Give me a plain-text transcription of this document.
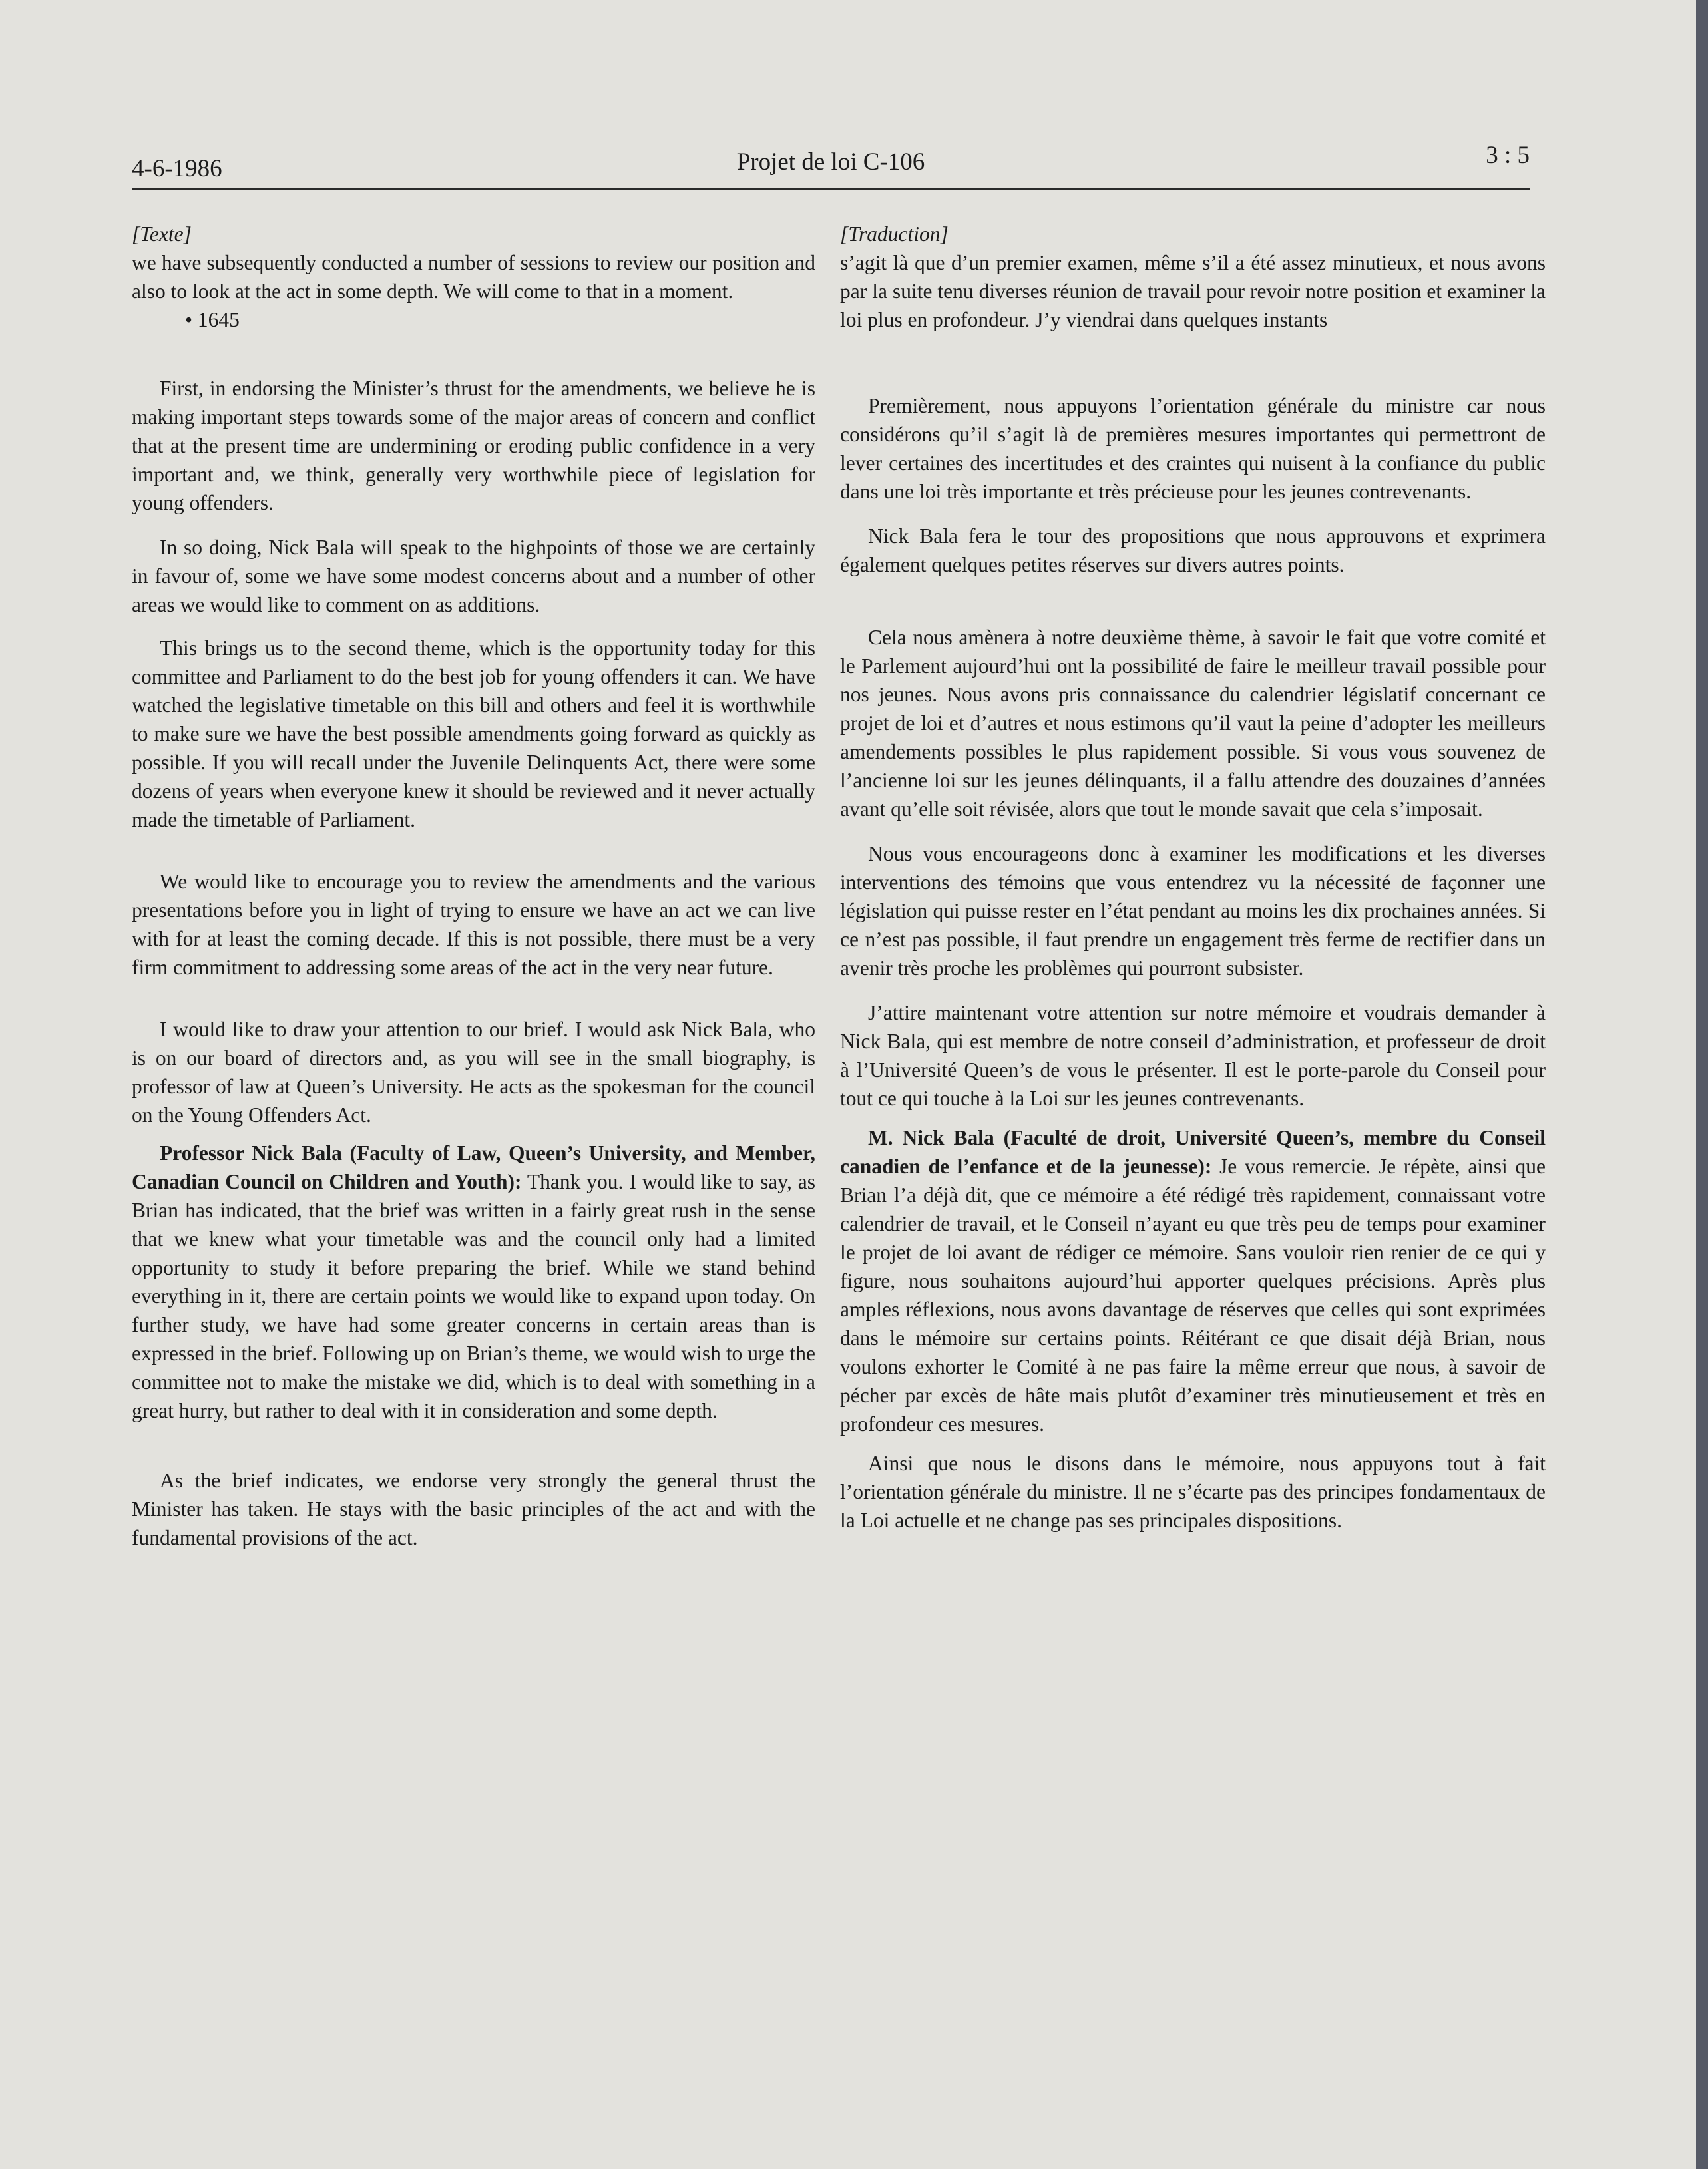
4-6-1986	Projet de loi C-106	3 : 5

[Texte]

we have subsequently conducted a number of sessions to review our position and also to look at the act in some depth. We will come to that in a moment.

• 1645

First, in endorsing the Minister’s thrust for the amendments, we believe he is making important steps towards some of the major areas of concern and conflict that at the present time are undermining or eroding public confidence in a very important and, we think, generally very worthwhile piece of legislation for young offenders.

In so doing, Nick Bala will speak to the highpoints of those we are certainly in favour of, some we have some modest concerns about and a number of other areas we would like to comment on as additions.

This brings us to the second theme, which is the opportunity today for this committee and Parliament to do the best job for young offenders it can. We have watched the legislative timetable on this bill and others and feel it is worthwhile to make sure we have the best possible amendments going forward as quickly as possible. If you will recall under the Juvenile Delinquents Act, there were some dozens of years when everyone knew it should be reviewed and it never actually made the timetable of Parliament.

We would like to encourage you to review the amendments and the various presentations before you in light of trying to ensure we have an act we can live with for at least the coming decade. If this is not possible, there must be a very firm commitment to addressing some areas of the act in the very near future.

I would like to draw your attention to our brief. I would ask Nick Bala, who is on our board of directors and, as you will see in the small biography, is professor of law at Queen’s University. He acts as the spokesman for the council on the Young Offenders Act.

Professor Nick Bala (Faculty of Law, Queen’s University, and Member, Canadian Council on Children and Youth): Thank you. I would like to say, as Brian has indicated, that the brief was written in a fairly great rush in the sense that we knew what your timetable was and the council only had a limited opportunity to study it before preparing the brief. While we stand behind everything in it, there are certain points we would like to expand upon today. On further study, we have had some greater concerns in certain areas than is expressed in the brief. Following up on Brian’s theme, we would wish to urge the committee not to make the mistake we did, which is to deal with something in a great hurry, but rather to deal with it in consideration and some depth.

As the brief indicates, we endorse very strongly the general thrust the Minister has taken. He stays with the basic principles of the act and with the fundamental provisions of the act.

[Traduction]

s’agit là que d’un premier examen, même s’il a été assez minutieux, et nous avons par la suite tenu diverses réunion de travail pour revoir notre position et examiner la loi plus en profondeur. J’y viendrai dans quelques instants

Premièrement, nous appuyons l’orientation générale du ministre car nous considérons qu’il s’agit là de premières mesures importantes qui permettront de lever certaines des incertitudes et des craintes qui nuisent à la confiance du public dans une loi très importante et très précieuse pour les jeunes contrevenants.

Nick Bala fera le tour des propositions que nous approuvons et exprimera également quelques petites réserves sur divers autres points.

Cela nous amènera à notre deuxième thème, à savoir le fait que votre comité et le Parlement aujourd’hui ont la possibilité de faire le meilleur travail possible pour nos jeunes. Nous avons pris connaissance du calendrier législatif concernant ce projet de loi et d’autres et nous estimons qu’il vaut la peine d’adopter les meilleurs amendements possibles le plus rapidement possible. Si vous vous souvenez de l’ancienne loi sur les jeunes délinquants, il a fallu attendre des douzaines d’années avant qu’elle soit révisée, alors que tout le monde savait que cela s’imposait.

Nous vous encourageons donc à examiner les modifications et les diverses interventions des témoins que vous entendrez vu la nécessité de façonner une législation qui puisse rester en l’état pendant au moins les dix prochaines années. Si ce n’est pas possible, il faut prendre un engagement très ferme de rectifier dans un avenir très proche les problèmes qui pourront subsister.

J’attire maintenant votre attention sur notre mémoire et voudrais demander à Nick Bala, qui est membre de notre conseil d’administration, et professeur de droit à l’Université Queen’s de vous le présenter. Il est le porte-parole du Conseil pour tout ce qui touche à la Loi sur les jeunes contrevenants.

M. Nick Bala (Faculté de droit, Université Queen’s, membre du Conseil canadien de l’enfance et de la jeunesse): Je vous remercie. Je répète, ainsi que Brian l’a déjà dit, que ce mémoire a été rédigé très rapidement, connaissant votre calendrier de travail, et le Conseil n’ayant eu que très peu de temps pour examiner le projet de loi avant de rédiger ce mémoire. Sans vouloir rien renier de ce qui y figure, nous souhaitons aujourd’hui apporter quelques précisions. Après plus amples réflexions, nous avons davantage de réserves que celles qui sont exprimées dans le mémoire sur certains points. Réitérant ce que disait déjà Brian, nous voulons exhorter le Comité à ne pas faire la même erreur que nous, à savoir de pécher par excès de hâte mais plutôt d’examiner très minutieusement et très en profondeur ces mesures.

Ainsi que nous le disons dans le mémoire, nous appuyons tout à fait l’orientation générale du ministre. Il ne s’écarte pas des principes fondamentaux de la Loi actuelle et ne change pas ses principales dispositions.
